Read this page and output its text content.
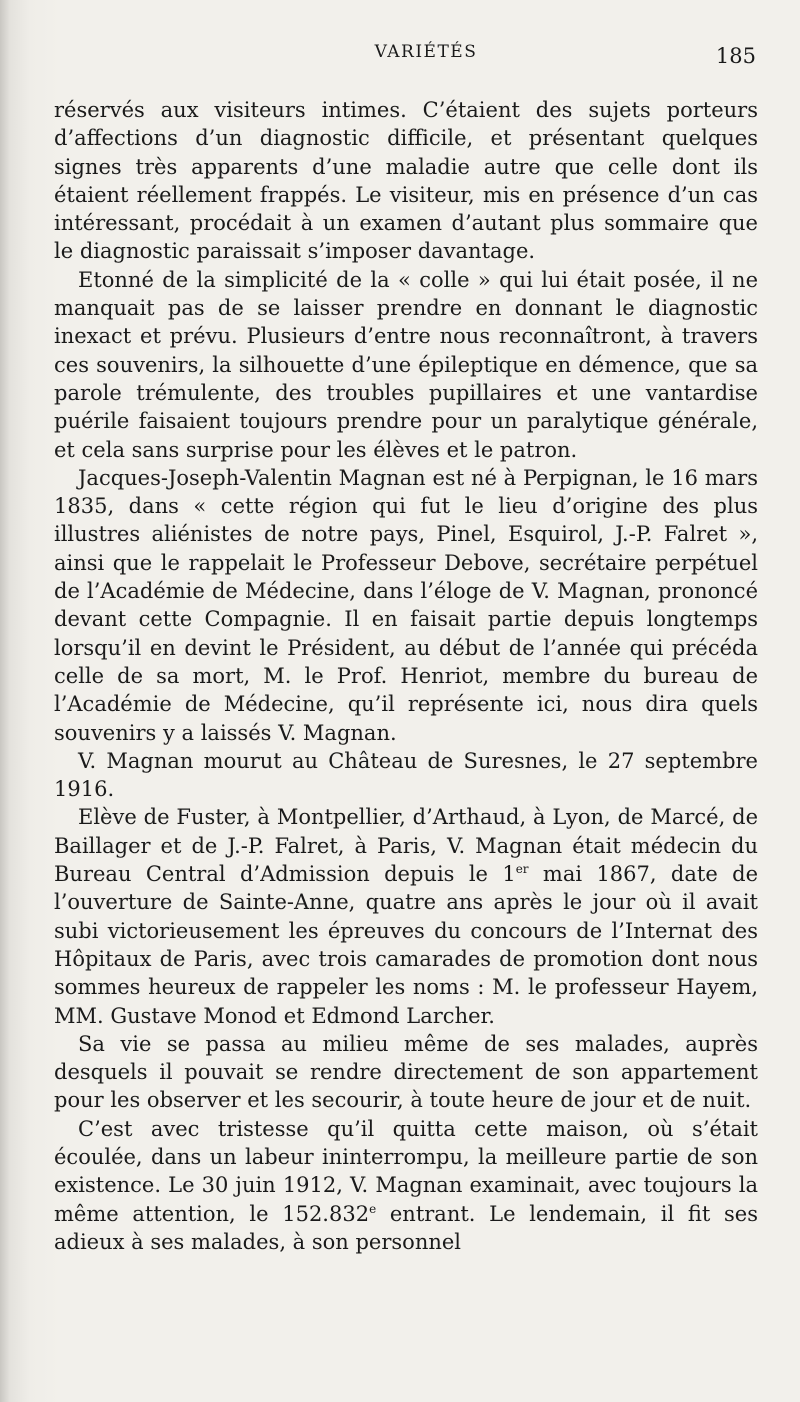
VARIÉTÉS	185

réservés aux visiteurs intimes. C’étaient des sujets porteurs d’affections d’un diagnostic difficile, et présentant quelques signes très apparents d’une maladie autre que celle dont ils étaient réellement frappés. Le visiteur, mis en présence d’un cas intéressant, procédait à un examen d’autant plus sommaire que le diagnostic paraissait s’imposer davantage.

Etonné de la simplicité de la « colle » qui lui était posée, il ne manquait pas de se laisser prendre en donnant le diagnostic inexact et prévu. Plusieurs d’entre nous reconnaîtront, à travers ces souvenirs, la silhouette d’une épileptique en démence, que sa parole trémulente, des troubles pupillaires et une vantardise puérile faisaient toujours prendre pour un paralytique générale, et cela sans surprise pour les élèves et le patron.

Jacques-Joseph-Valentin Magnan est né à Perpignan, le 16 mars 1835, dans « cette région qui fut le lieu d’origine des plus illustres aliénistes de notre pays, Pinel, Esquirol, J.-P. Falret », ainsi que le rappelait le Professeur Debove, secrétaire perpétuel de l’Académie de Médecine, dans l’éloge de V. Magnan, prononcé devant cette Compagnie. Il en faisait partie depuis longtemps lorsqu’il en devint le Président, au début de l’année qui précéda celle de sa mort, M. le Prof. Henriot, membre du bureau de l’Académie de Médecine, qu’il représente ici, nous dira quels souvenirs y a laissés V. Magnan.

V. Magnan mourut au Château de Suresnes, le 27 septembre 1916.

Elève de Fuster, à Montpellier, d’Arthaud, à Lyon, de Marcé, de Baillager et de J.-P. Falret, à Paris, V. Magnan était médecin du Bureau Central d’Admission depuis le 1er mai 1867, date de l’ouverture de Sainte-Anne, quatre ans après le jour où il avait subi victorieusement les épreuves du concours de l’Internat des Hôpitaux de Paris, avec trois camarades de promotion dont nous sommes heureux de rappeler les noms : M. le professeur Hayem, MM. Gustave Monod et Edmond Larcher.

Sa vie se passa au milieu même de ses malades, auprès desquels il pouvait se rendre directement de son appartement pour les observer et les secourir, à toute heure de jour et de nuit.

C’est avec tristesse qu’il quitta cette maison, où s’était écoulée, dans un labeur ininterrompu, la meilleure partie de son existence. Le 30 juin 1912, V. Magnan examinait, avec toujours la même attention, le 152.832e entrant. Le lendemain, il fit ses adieux à ses malades, à son personnel
